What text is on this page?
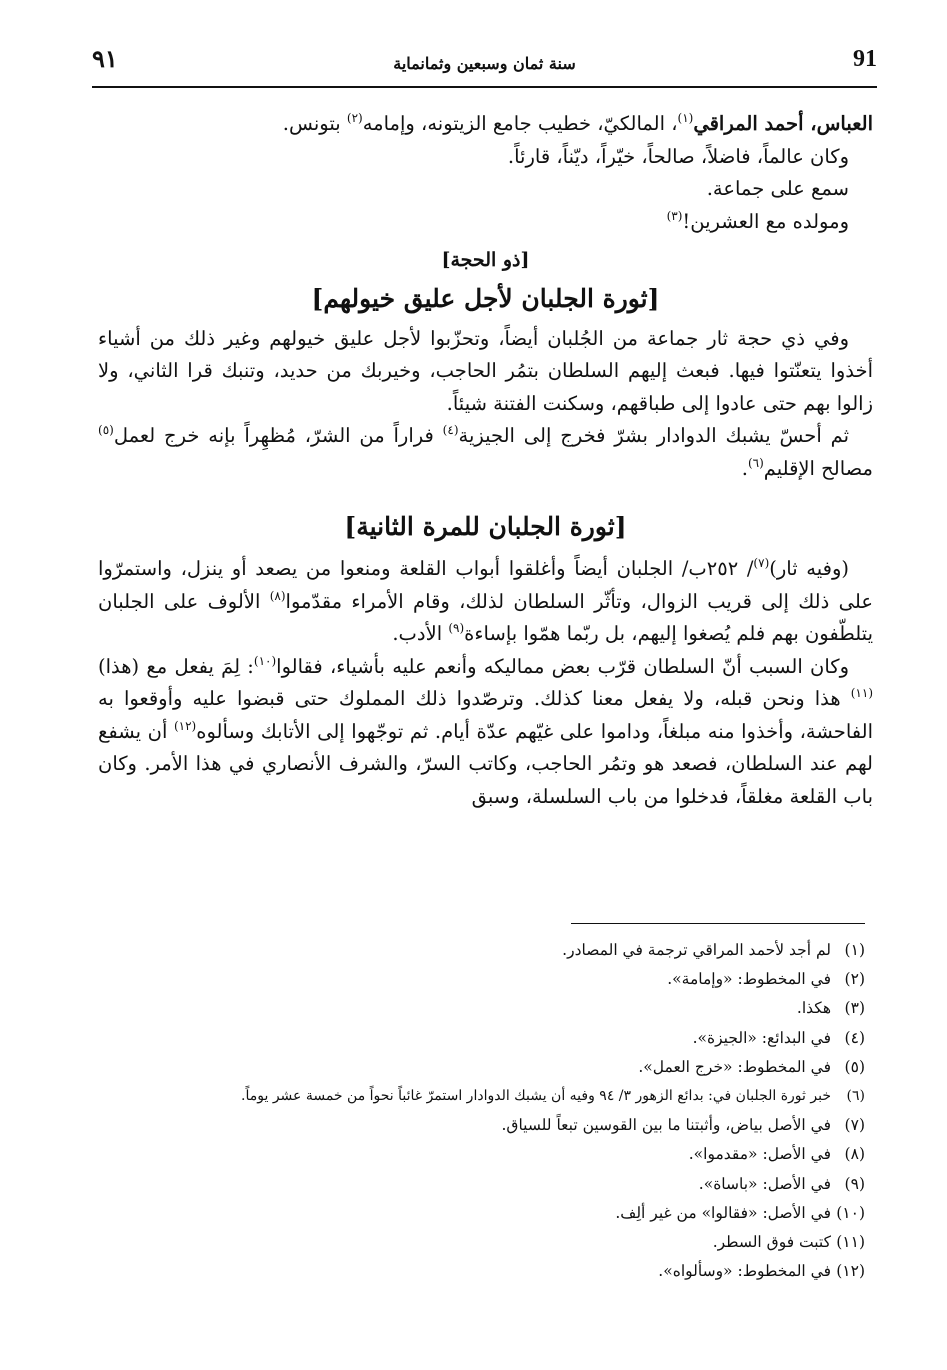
91
سنة ثمان وسبعين وثمانماية
٩١

العباس، أحمد المراقي$^{(١)}$، المالكيّ، خطيب جامع الزيتونه، وإمامه$^{(٢)}$ بتونس.

وكان عالماً، فاضلاً، صالحاً، خيّراً، ديّناً، قارئاً.

سمع على جماعة.

ومولده مع العشرين!$^{(٣)}$

[ذو الحجة]
[ثورة الجلبان لأجل عليق خيولهم]

وفي ذي حجة ثار جماعة من الجُلبان أيضاً، وتحزّبوا لأجل عليق خيولهم وغير ذلك من أشياء أخذوا يتعنّتوا فيها. فبعث إليهم السلطان بتمُر الحاجب، وخيربك من حديد، وتنبك قرا الثاني، ولا زالوا بهم حتى عادوا إلى طباقهم، وسكنت الفتنة شيئاً.

ثم أحسّ يشبك الدوادار بشرّ فخرج إلى الجيزية$^{(٤)}$ فراراً من الشرّ، مُظهِراً بإنه خرج لعمل$^{(٥)}$ مصالح الإقليم$^{(٦)}$.

[ثورة الجلبان للمرة الثانية]

(وفيه ثار)$^{(٧)}$/ ٢٥٢ب/ الجلبان أيضاً وأغلقوا أبواب القلعة ومنعوا من يصعد أو ينزل، واستمرّوا على ذلك إلى قريب الزوال، وتأثّر السلطان لذلك، وقام الأمراء مقدّموا$^{(٨)}$ الألوف على الجلبان يتلطّفون بهم فلم يُصغوا إليهم، بل ربّما همّوا بإساءة$^{(٩)}$ الأدب.

وكان السبب أنّ السلطان قرّب بعض مماليكه وأنعم عليه بأشياء، فقالوا$^{(١٠)}$: لِمَ يفعل مع (هذا)$^{(١١)}$ هذا ونحن قبله، ولا يفعل معنا كذلك. وترصّدوا ذلك المملوك حتى قبضوا عليه وأوقعوا به الفاحشة، وأخذوا منه مبلغاً، وداموا على غيّهم عدّة أيام. ثم توجّهوا إلى الأتابك وسألوه$^{(١٢)}$ أن يشفع لهم عند السلطان، فصعد هو وتمُر الحاجب، وكاتب السرّ، والشرف الأنصاري في هذا الأمر. وكان باب القلعة مغلقاً، فدخلوا من باب السلسلة، وسبق

(١)لم أجد لأحمد المراقي ترجمة في المصادر.
(٢)في المخطوط: «وإمامة».
(٣)هكذا.
(٤)في البدائع: «الجيزة».
(٥)في المخطوط: «خرج العمل».
(٦)خبر ثورة الجلبان في: بدائع الزهور ٣/ ٩٤ وفيه أن يشبك الدوادار استمرّ غائباً نحواً من خمسة عشر يوماً.
(٧)في الأصل بياض، وأثبتنا ما بين القوسين تبعاً للسياق.
(٨)في الأصل: «مقدموا».
(٩)في الأصل: «باساة».
(١٠)في الأصل: «فقالوا» من غير ألِف.
(١١)كتبت فوق السطر.
(١٢)في المخطوط: «وسألواه».
